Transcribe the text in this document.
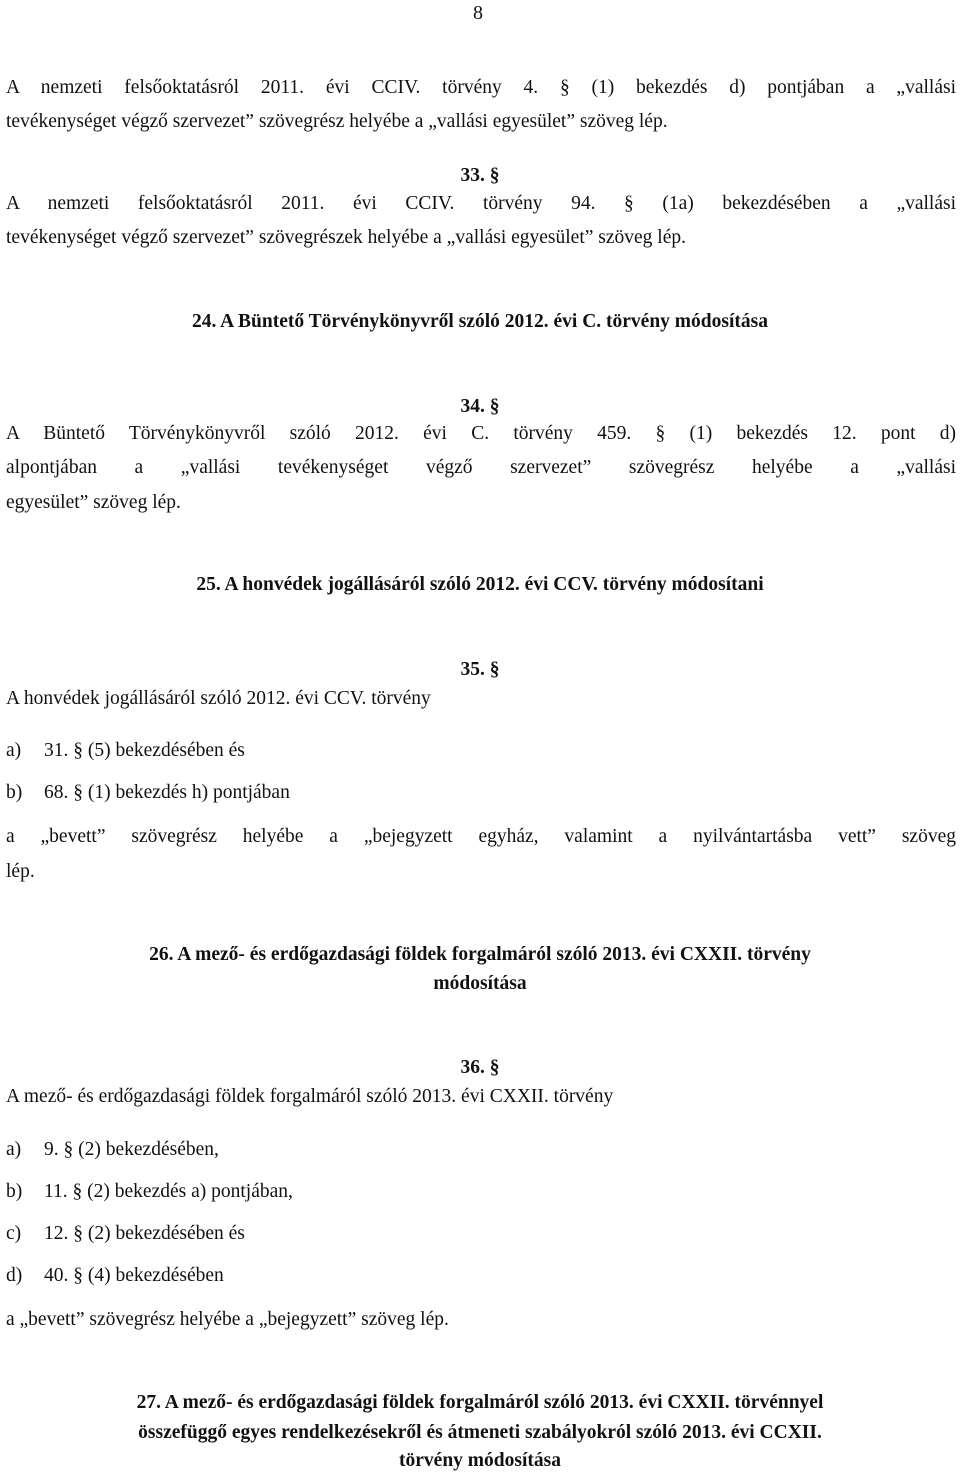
8
A nemzeti felsőoktatásról 2011. évi CCIV. törvény 4. § (1) bekezdés d) pontjában a „vallási
tevékenységet végző szervezet” szövegrész helyébe a „vallási egyesület” szöveg lép.
33. §
A nemzeti felsőoktatásról 2011. évi CCIV. törvény 94. § (1a) bekezdésében a „vallási
tevékenységet végző szervezet” szövegrészek helyébe a „vallási egyesület” szöveg lép.
24. A Büntető Törvénykönyvről szóló 2012. évi C. törvény módosítása
34. §
A Büntető Törvénykönyvről szóló 2012. évi C. törvény 459. § (1) bekezdés 12. pont d)
alpontjában a „vallási tevékenységet végző szervezet” szövegrész helyébe a „vallási
egyesület” szöveg lép.
25. A honvédek jogállásáról szóló 2012. évi CCV. törvény módosítani
35. §
A honvédek jogállásáról szóló 2012. évi CCV. törvény
a) 31. § (5) bekezdésében és
b) 68. § (1) bekezdés h) pontjában
a „bevett” szövegrész helyébe a „bejegyzett egyház, valamint a nyilvántartásba vett” szöveg
lép.
26. A mező- és erdőgazdasági földek forgalmáról szóló 2013. évi CXXII. törvény
módosítása
36. §
A mező- és erdőgazdasági földek forgalmáról szóló 2013. évi CXXII. törvény
a) 9. § (2) bekezdésében,
b) 11. § (2) bekezdés a) pontjában,
c) 12. § (2) bekezdésében és
d) 40. § (4) bekezdésében
a „bevett” szövegrész helyébe a „bejegyzett” szöveg lép.
27. A mező- és erdőgazdasági földek forgalmáról szóló 2013. évi CXXII. törvénnyel
összefüggő egyes rendelkezésekről és átmeneti szabályokról szóló 2013. évi CCXII.
törvény módosítása
